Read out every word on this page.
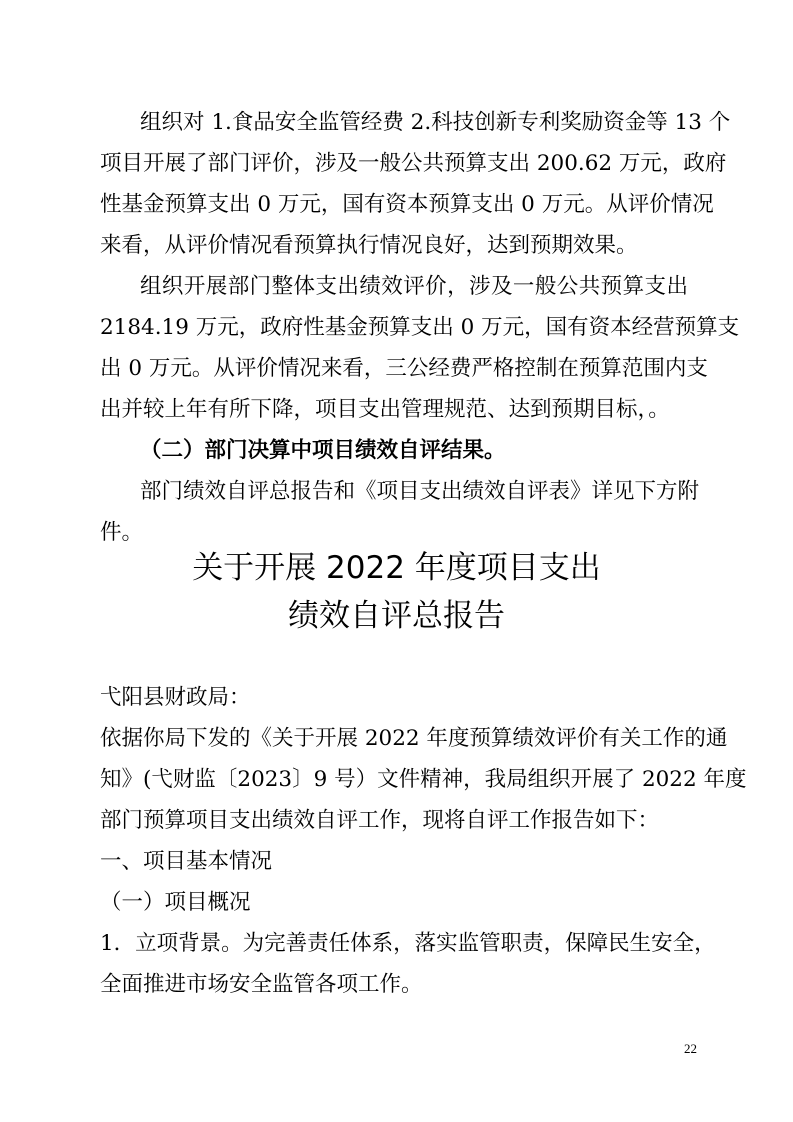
组织对 1.食品安全监管经费 2.科技创新专利奖励资金等 13 个
项目开展了部门评价，涉及一般公共预算支出 200.62 万元，政府
性基金预算支出 0 万元，国有资本预算支出 0 万元。从评价情况
来看，从评价情况看预算执行情况良好，达到预期效果。
组织开展部门整体支出绩效评价，涉及一般公共预算支出
2184.19 万元，政府性基金预算支出 0 万元，国有资本经营预算支
出 0 万元。从评价情况来看，三公经费严格控制在预算范围内支
出并较上年有所下降，项目支出管理规范、达到预期目标，。
（二）部门决算中项目绩效自评结果。
部门绩效自评总报告和《项目支出绩效自评表》详见下方附
件。
关于开展 2022 年度项目支出
绩效自评总报告
弋阳县财政局：
依据你局下发的《关于开展 2022 年度预算绩效评价有关工作的通
知》(弋财监〔2023〕9 号）文件精神，我局组织开展了 2022 年度
部门预算项目支出绩效自评工作，现将自评工作报告如下：
一、项目基本情况
（一）项目概况
1．立项背景。为完善责任体系，落实监管职责，保障民生安全，
全面推进市场安全监管各项工作。
22
